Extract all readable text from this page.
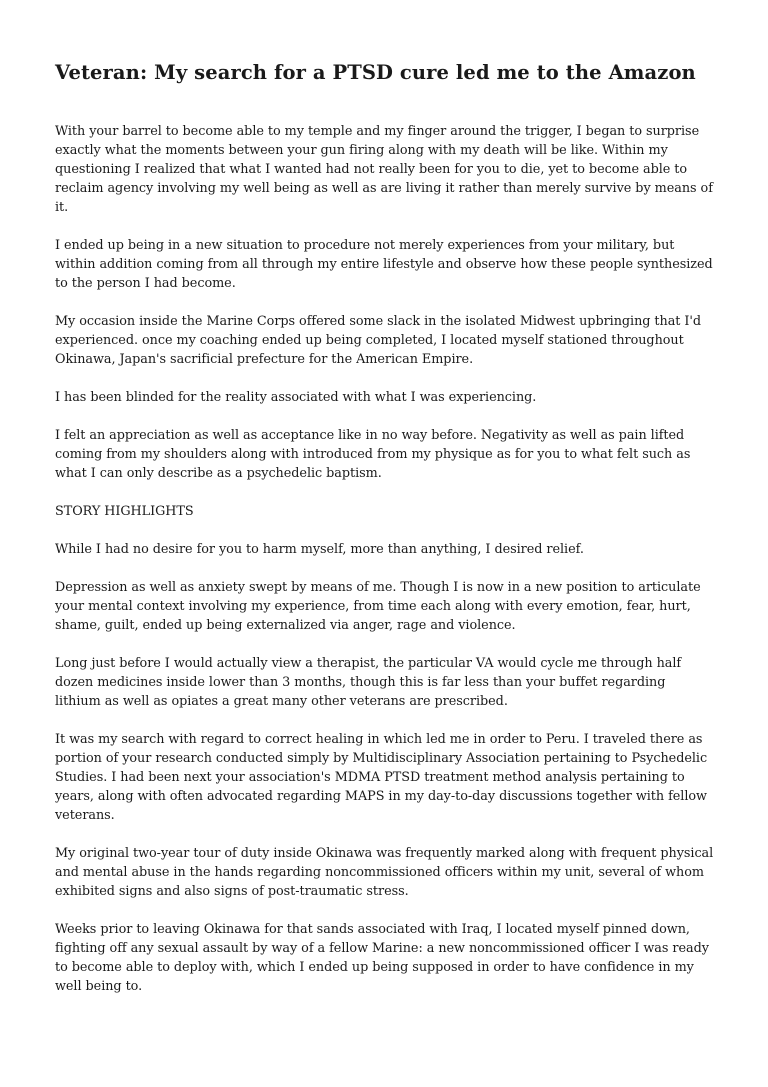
Veteran: My search for a PTSD cure led me to the Amazon

With your barrel to become able to my temple and my finger around the trigger, I began to surprise exactly what the moments between your gun firing along with my death will be like. Within my questioning I realized that what I wanted had not really been for you to die, yet to become able to reclaim agency involving my well being as well as are living it rather than merely survive by means of it.

I ended up being in a new situation to procedure not merely experiences from your military, but within addition coming from all through my entire lifestyle and observe how these people synthesized to the person I had become.

My occasion inside the Marine Corps offered some slack in the isolated Midwest upbringing that I'd experienced. once my coaching ended up being completed, I located myself stationed throughout Okinawa, Japan's sacrificial prefecture for the American Empire.

I has been blinded for the reality associated with what I was experiencing.

I felt an appreciation as well as acceptance like in no way before. Negativity as well as pain lifted coming from my shoulders along with introduced from my physique as for you to what felt such as what I can only describe as a psychedelic baptism.

STORY HIGHLIGHTS

While I had no desire for you to harm myself, more than anything, I desired relief.

Depression as well as anxiety swept by means of me. Though I is now in a new position to articulate your mental context involving my experience, from time each along with every emotion, fear, hurt, shame, guilt, ended up being externalized via anger, rage and violence.

Long just before I would actually view a therapist, the particular VA would cycle me through half dozen medicines inside lower than 3 months, though this is far less than your buffet regarding lithium as well as opiates a great many other veterans are prescribed.

It was my search with regard to correct healing in which led me in order to Peru. I traveled there as portion of your research conducted simply by Multidisciplinary Association pertaining to Psychedelic Studies. I had been next your association's MDMA PTSD treatment method analysis pertaining to years, along with often advocated regarding MAPS in my day-to-day discussions together with fellow veterans.

My original two-year tour of duty inside Okinawa was frequently marked along with frequent physical and mental abuse in the hands regarding noncommissioned officers within my unit, several of whom exhibited signs and also signs of post-traumatic stress.

Weeks prior to leaving Okinawa for that sands associated with Iraq, I located myself pinned down, fighting off any sexual assault by way of a fellow Marine: a new noncommissioned officer I was ready to become able to deploy with, which I ended up being supposed in order to have confidence in my well being to.
